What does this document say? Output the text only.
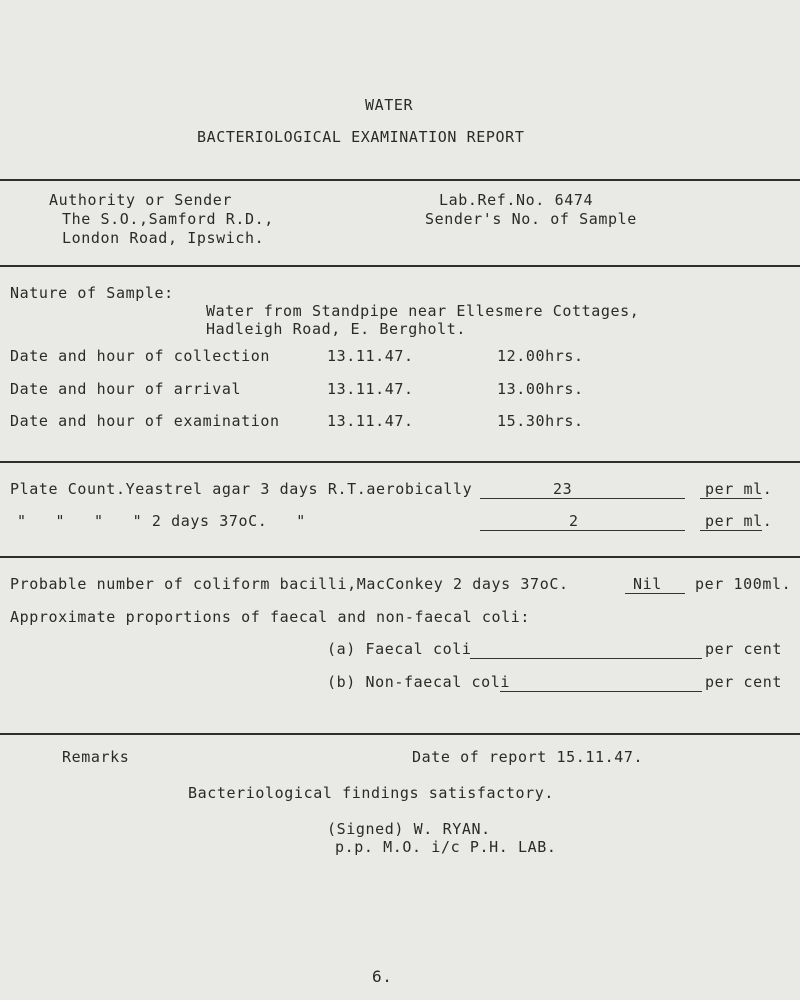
WATER
BACTERIOLOGICAL EXAMINATION REPORT
Authority or Sender
The S.O.,Samford R.D.,
London Road, Ipswich.
Lab.Ref.No. 6474
Sender's No. of Sample
Nature of Sample:
Water from Standpipe near Ellesmere Cottages,
Hadleigh Road, E. Bergholt.
Date and hour of collection	13.11.47.	12.00hrs.
Date and hour of arrival	13.11.47.	13.00hrs.
Date and hour of examination	13.11.47.	15.30hrs.
Plate Count.Yeastrel agar 3 days R.T.aerobically	23	per ml.
"   "   "   " 2 days 37oC.   "	2	per ml.
Probable number of coliform bacilli,MacConkey 2 days 37oC.	Nil per 100ml.
Approximate proportions of faecal and non-faecal coli:
(a) Faecal coli	per cent
(b) Non-faecal coli	per cent
Remarks	Date of report 15.11.47.
Bacteriological findings satisfactory.
(Signed) W. RYAN.
p.p. M.O. i/c P.H. LAB.
6.
